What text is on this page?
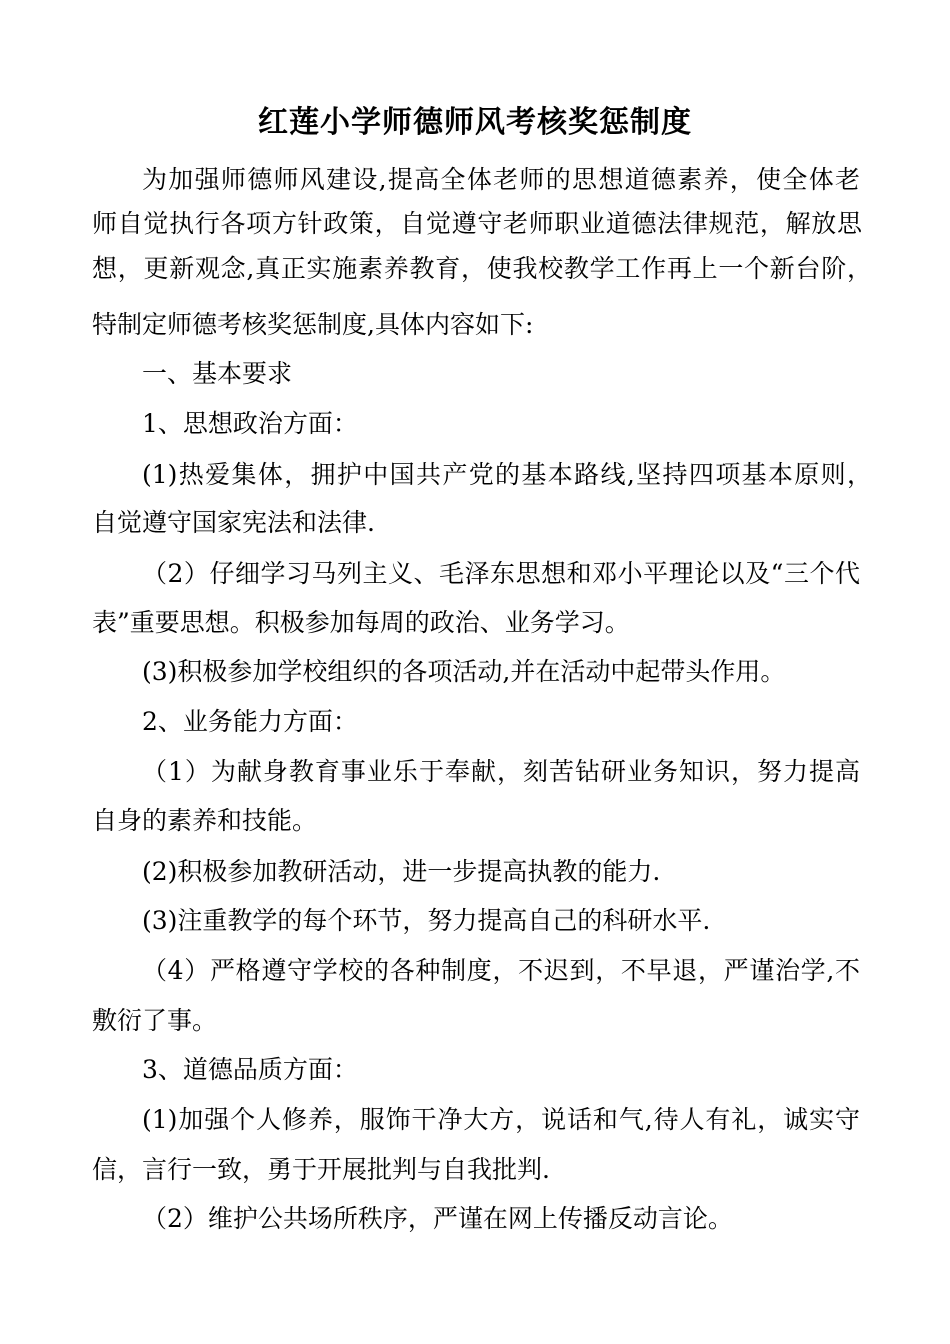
红莲小学师德师风考核奖惩制度
为加强师德师风建设,提高全体老师的思想道德素养，使全体老
师自觉执行各项方针政策，自觉遵守老师职业道德法律规范，解放思
想，更新观念,真正实施素养教育，使我校教学工作再上一个新台阶，
特制定师德考核奖惩制度,具体内容如下:
一、基本要求
1、思想政治方面：
(1)热爱集体，拥护中国共产党的基本路线,坚持四项基本原则，
自觉遵守国家宪法和法律.
（2）仔细学习马列主义、毛泽东思想和邓小平理论以及“三个代
表”重要思想。积极参加每周的政治、业务学习。
(3)积极参加学校组织的各项活动,并在活动中起带头作用。
2、业务能力方面：
（1）为献身教育事业乐于奉献，刻苦钻研业务知识，努力提高
自身的素养和技能。
(2)积极参加教研活动，进一步提高执教的能力.
(3)注重教学的每个环节，努力提高自己的科研水平.
（4）严格遵守学校的各种制度，不迟到，不早退，严谨治学,不
敷衍了事。
3、道德品质方面：
(1)加强个人修养，服饰干净大方，说话和气,待人有礼，诚实守
信，言行一致，勇于开展批判与自我批判.
（2）维护公共场所秩序，严谨在网上传播反动言论。
